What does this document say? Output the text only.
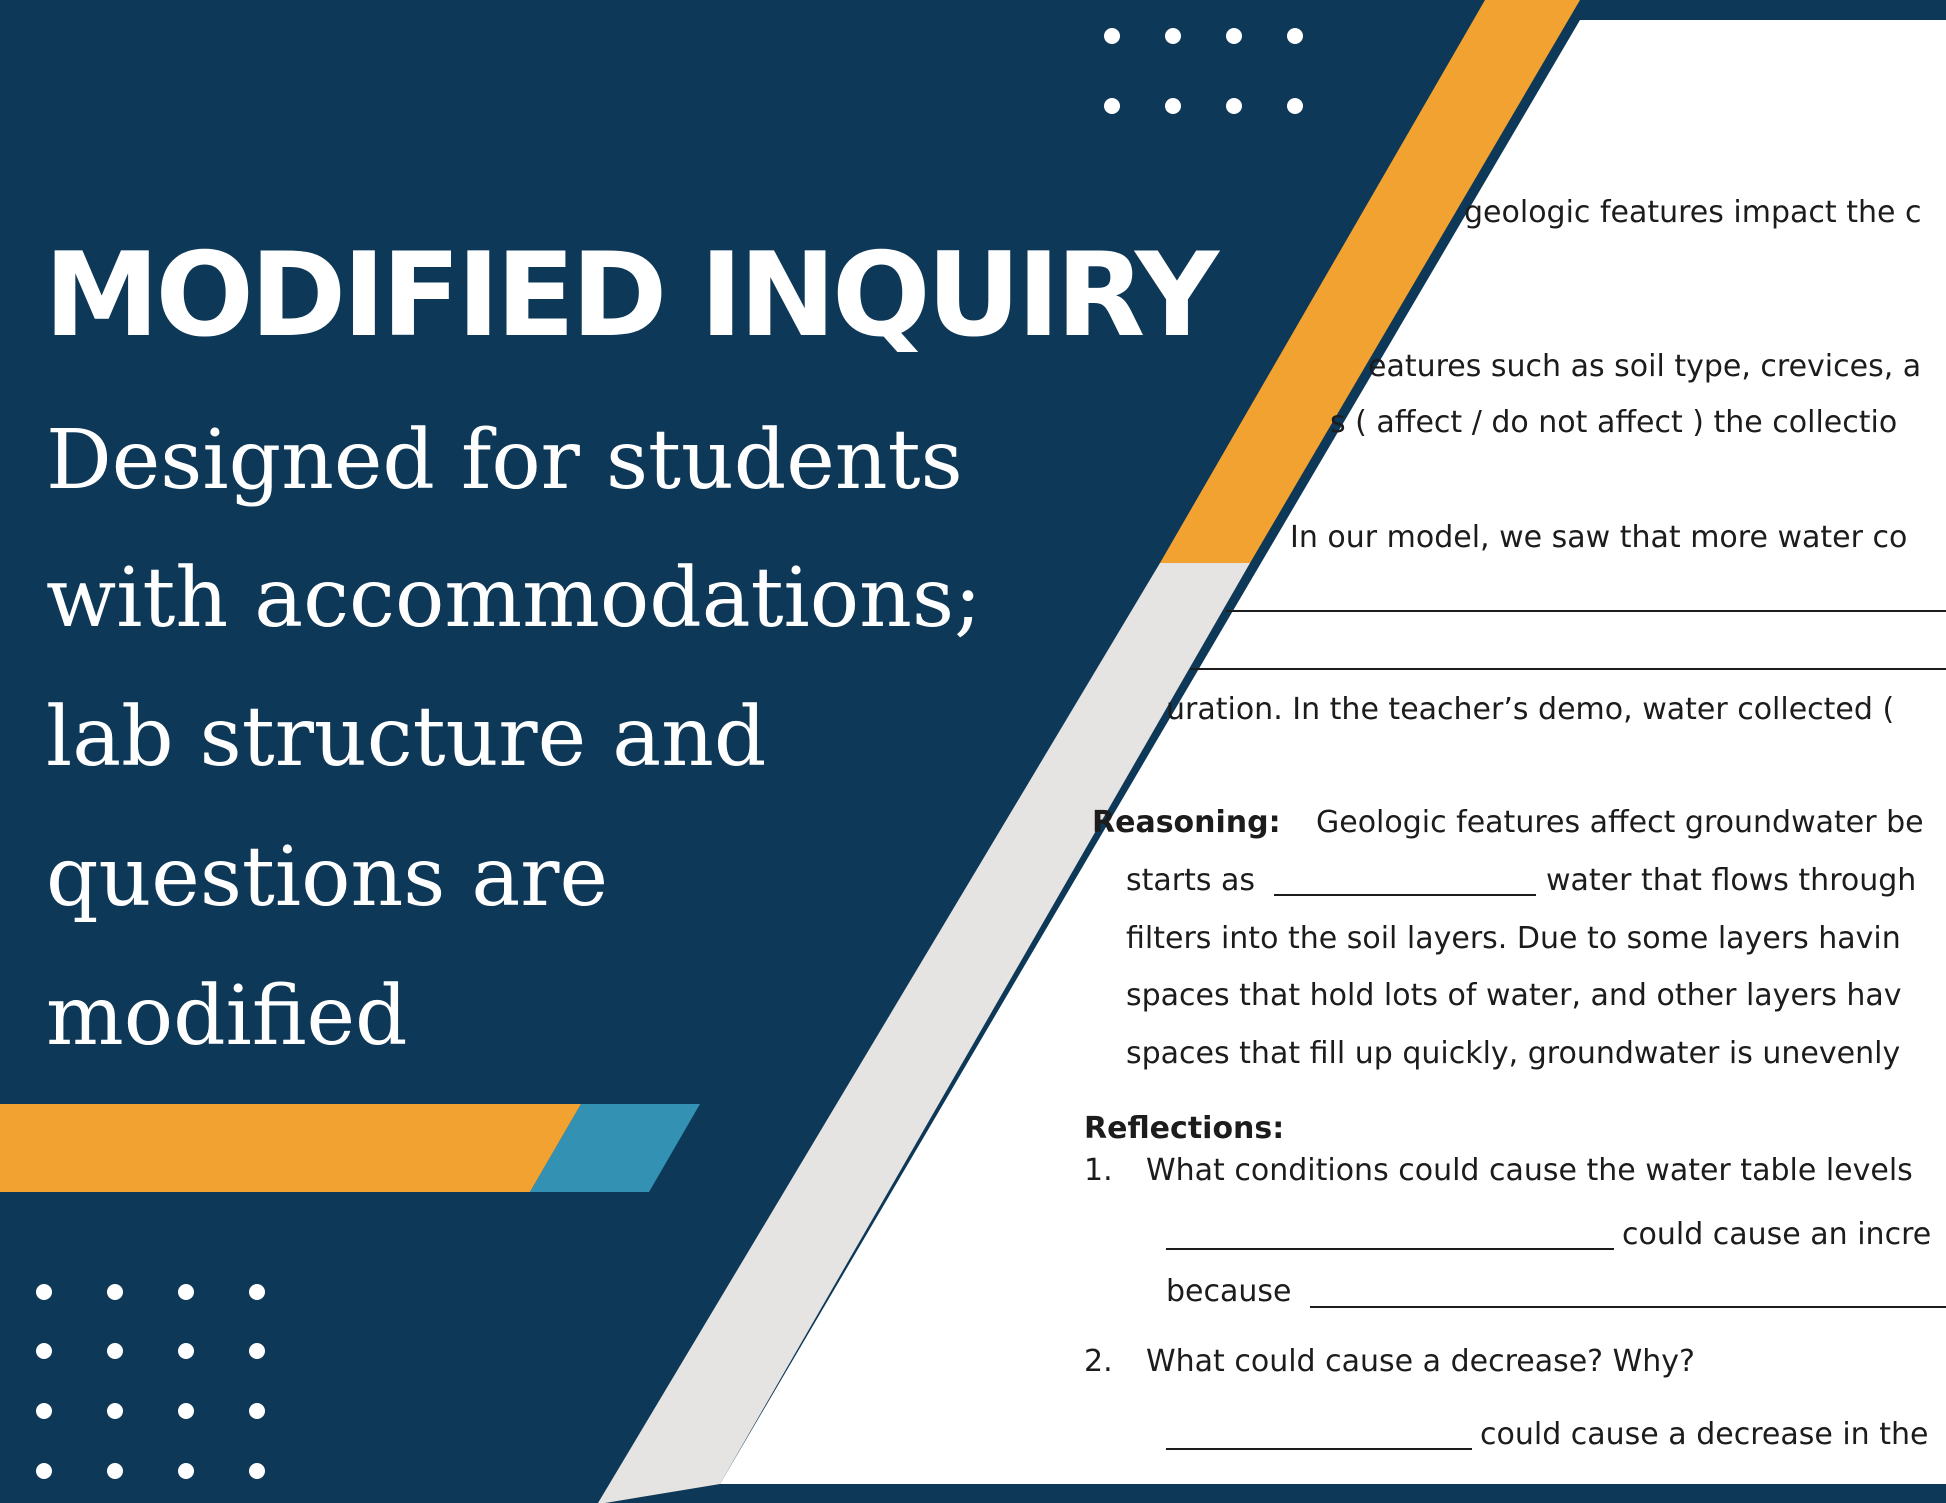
MODIFIED INQUIRY
Designed for students
with accommodations;
lab structure and
questions are
modified
geologic features impact the c
eatures such as soil type, crevices, a
s ( affect / do not affect ) the collectio
In our model, we saw that more water co
uration. In the teacher’s demo, water collected (
Reasoning: Geologic features affect groundwater be
starts as	water that flows through
filters into the soil layers. Due to some layers havin
spaces that hold lots of water, and other layers hav
spaces that fill up quickly, groundwater is unevenly
Reflections:
1. What conditions could cause the water table levels
could cause an incre
because
2. What could cause a decrease? Why?
could cause a decrease in the
